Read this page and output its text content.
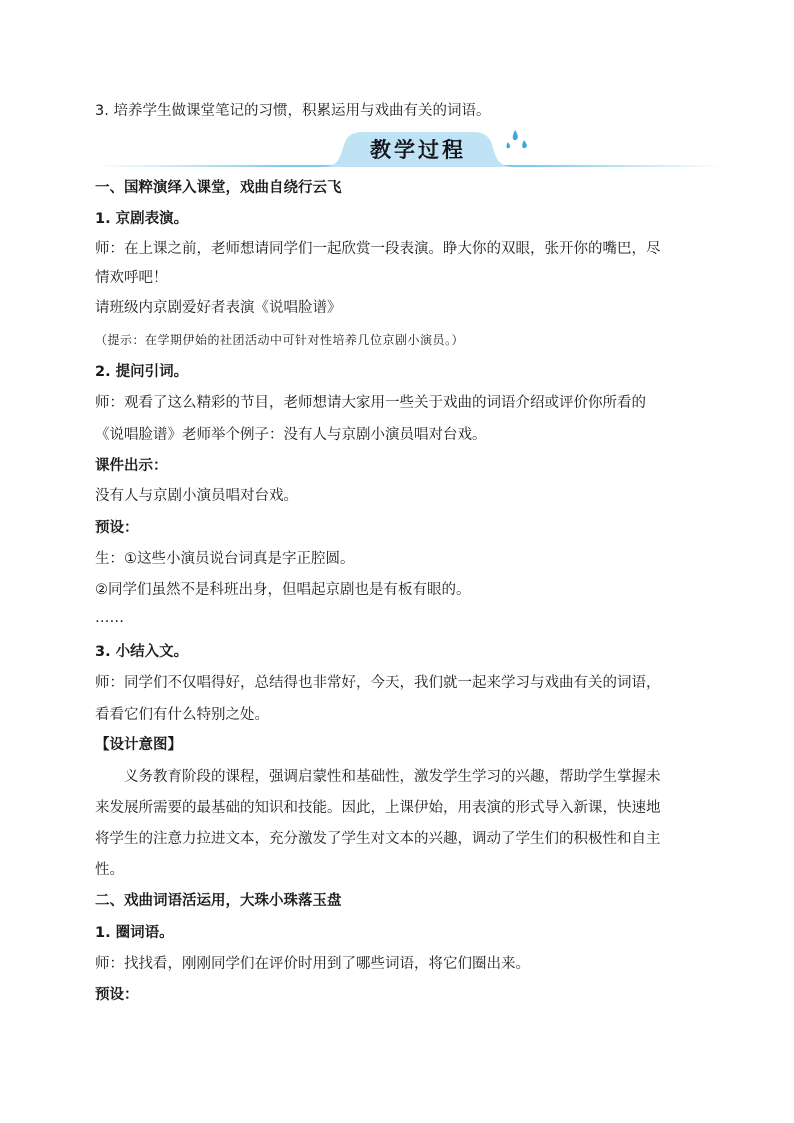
3. 培养学生做课堂笔记的习惯，积累运用与戏曲有关的词语。
教学过程
一、国粹演绎入课堂，戏曲自绕行云飞
1. 京剧表演。
师：在上课之前，老师想请同学们一起欣赏一段表演。睁大你的双眼，张开你的嘴巴，尽
情欢呼吧！
请班级内京剧爱好者表演《说唱脸谱》
（提示：在学期伊始的社团活动中可针对性培养几位京剧小演员。）
2. 提问引词。
师：观看了这么精彩的节目，老师想请大家用一些关于戏曲的词语介绍或评价你所看的
《说唱脸谱》老师举个例子：没有人与京剧小演员唱对台戏。
课件出示：
没有人与京剧小演员唱对台戏。
预设：
生：①这些小演员说台词真是字正腔圆。
②同学们虽然不是科班出身，但唱起京剧也是有板有眼的。
……
3. 小结入文。
师：同学们不仅唱得好，总结得也非常好，今天，我们就一起来学习与戏曲有关的词语，
看看它们有什么特别之处。
【设计意图】
义务教育阶段的课程，强调启蒙性和基础性，激发学生学习的兴趣，帮助学生掌握未
来发展所需要的最基础的知识和技能。因此，上课伊始，用表演的形式导入新课，快速地
将学生的注意力拉进文本，充分激发了学生对文本的兴趣，调动了学生们的积极性和自主
性。
二、戏曲词语活运用，大珠小珠落玉盘
1. 圈词语。
师：找找看，刚刚同学们在评价时用到了哪些词语，将它们圈出来。
预设：
